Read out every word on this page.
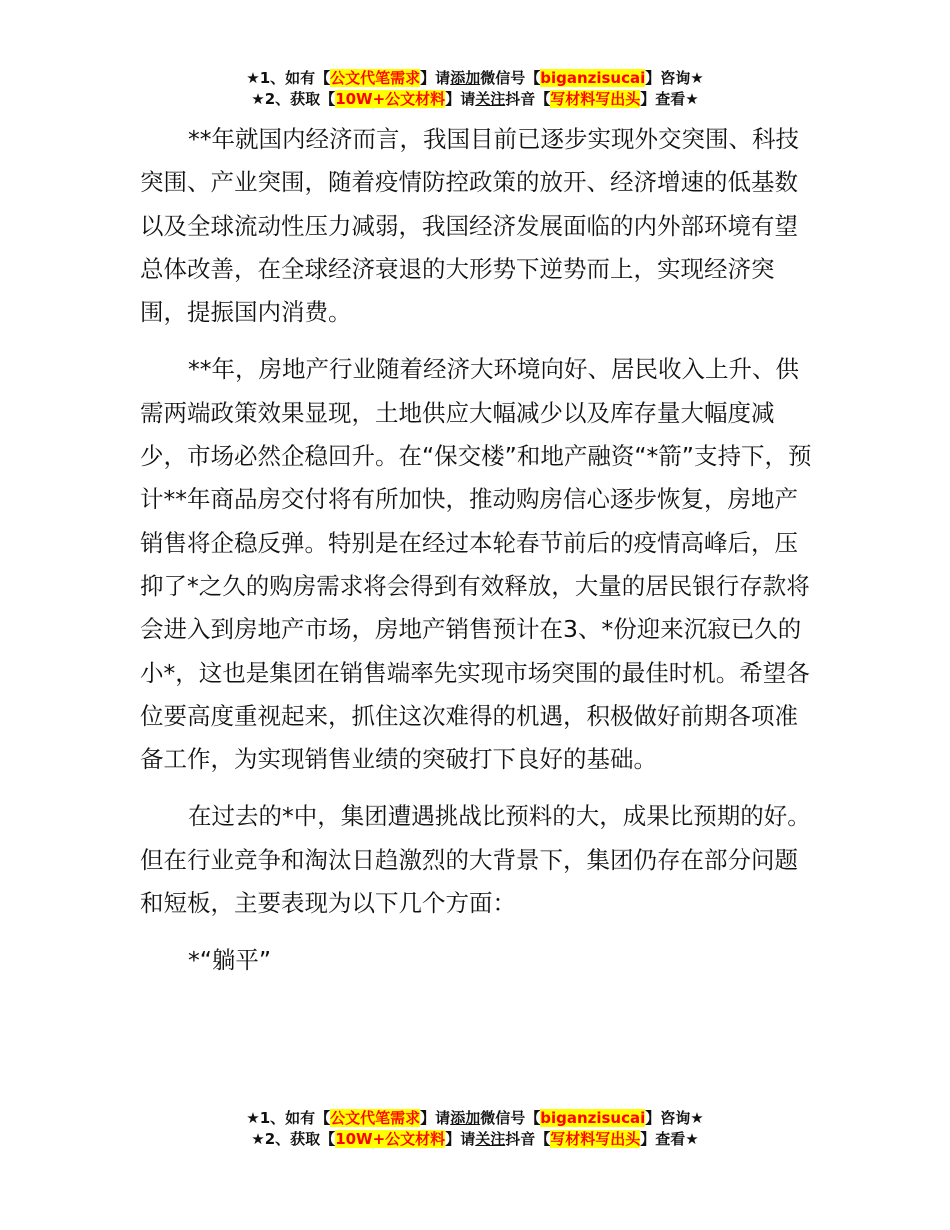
★1、如有【公文代笔需求】请添加微信号【biganzisucai】咨询★
★2、获取【10W+公文材料】请关注抖音【写材料写出头】查看★

**年就国内经济而言，我国目前已逐步实现外交突围、科技突围、产业突围，随着疫情防控政策的放开、经济增速的低基数以及全球流动性压力减弱，我国经济发展面临的内外部环境有望总体改善，在全球经济衰退的大形势下逆势而上，实现经济突围，提振国内消费。

**年，房地产行业随着经济大环境向好、居民收入上升、供需两端政策效果显现，土地供应大幅减少以及库存量大幅度减少，市场必然企稳回升。在“保交楼”和地产融资“*箭”支持下，预计**年商品房交付将有所加快，推动购房信心逐步恢复，房地产销售将企稳反弹。特别是在经过本轮春节前后的疫情高峰后，压抑了*之久的购房需求将会得到有效释放，大量的居民银行存款将会进入到房地产市场，房地产销售预计在3、*份迎来沉寂已久的小*，这也是集团在销售端率先实现市场突围的最佳时机。希望各位要高度重视起来，抓住这次难得的机遇，积极做好前期各项准备工作，为实现销售业绩的突破打下良好的基础。

在过去的*中，集团遭遇挑战比预料的大，成果比预期的好。但在行业竞争和淘汰日趋激烈的大背景下，集团仍存在部分问题和短板，主要表现为以下几个方面：

*“躺平”

★1、如有【公文代笔需求】请添加微信号【biganzisucai】咨询★
★2、获取【10W+公文材料】请关注抖音【写材料写出头】查看★
